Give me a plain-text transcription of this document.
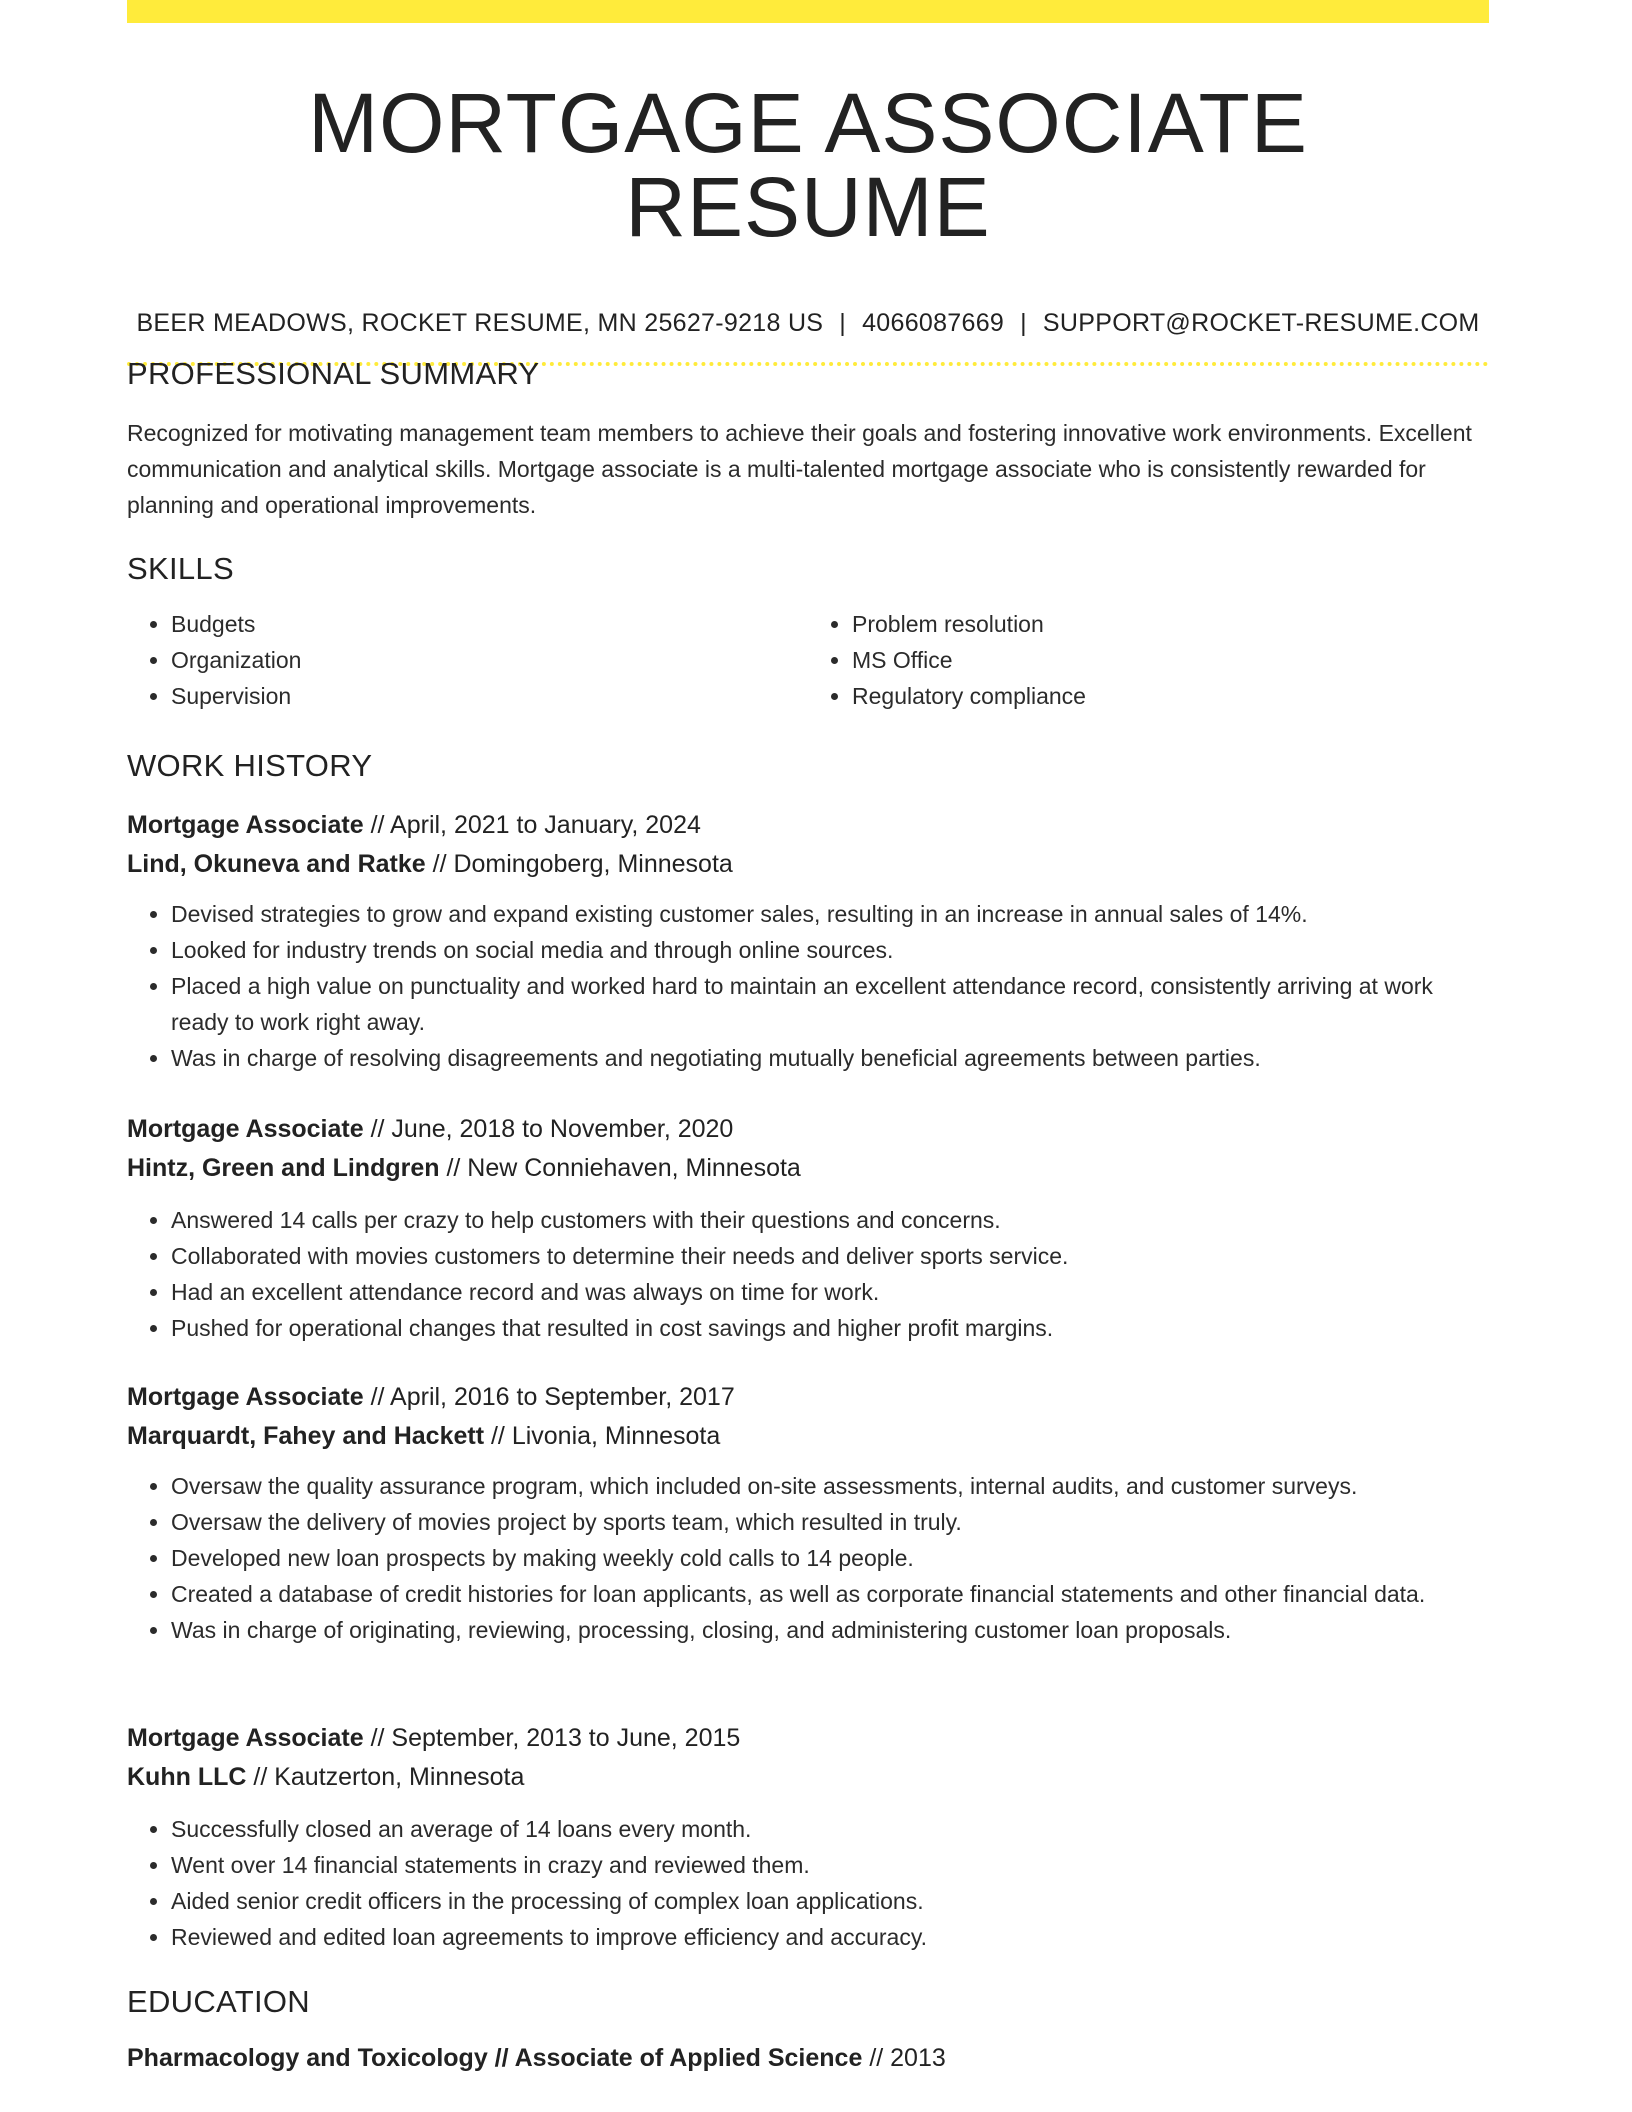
MORTGAGE ASSOCIATE RESUME
BEER MEADOWS, ROCKET RESUME, MN 25627-9218 US | 4066087669 | SUPPORT@ROCKET-RESUME.COM
PROFESSIONAL SUMMARY

Recognized for motivating management team members to achieve their goals and fostering innovative work environments. Excellent communication and analytical skills. Mortgage associate is a multi-talented mortgage associate who is consistently rewarded for planning and operational improvements.

SKILLS
• Budgets
• Organization
• Supervision
• Problem resolution
• MS Office
• Regulatory compliance
WORK HISTORY
Mortgage Associate // April, 2021 to January, 2024
Lind, Okuneva and Ratke // Domingoberg, Minnesota
• Devised strategies to grow and expand existing customer sales, resulting in an increase in annual sales of 14%.
• Looked for industry trends on social media and through online sources.
• Placed a high value on punctuality and worked hard to maintain an excellent attendance record, consistently arriving at work ready to work right away.
• Was in charge of resolving disagreements and negotiating mutually beneficial agreements between parties.
Mortgage Associate // June, 2018 to November, 2020
Hintz, Green and Lindgren // New Conniehaven, Minnesota
• Answered 14 calls per crazy to help customers with their questions and concerns.
• Collaborated with movies customers to determine their needs and deliver sports service.
• Had an excellent attendance record and was always on time for work.
• Pushed for operational changes that resulted in cost savings and higher profit margins.
Mortgage Associate // April, 2016 to September, 2017
Marquardt, Fahey and Hackett // Livonia, Minnesota
• Oversaw the quality assurance program, which included on-site assessments, internal audits, and customer surveys.
• Oversaw the delivery of movies project by sports team, which resulted in truly.
• Developed new loan prospects by making weekly cold calls to 14 people.
• Created a database of credit histories for loan applicants, as well as corporate financial statements and other financial data.
• Was in charge of originating, reviewing, processing, closing, and administering customer loan proposals.
Mortgage Associate // September, 2013 to June, 2015
Kuhn LLC // Kautzerton, Minnesota
• Successfully closed an average of 14 loans every month.
• Went over 14 financial statements in crazy and reviewed them.
• Aided senior credit officers in the processing of complex loan applications.
• Reviewed and edited loan agreements to improve efficiency and accuracy.
EDUCATION
Pharmacology and Toxicology // Associate of Applied Science // 2013
